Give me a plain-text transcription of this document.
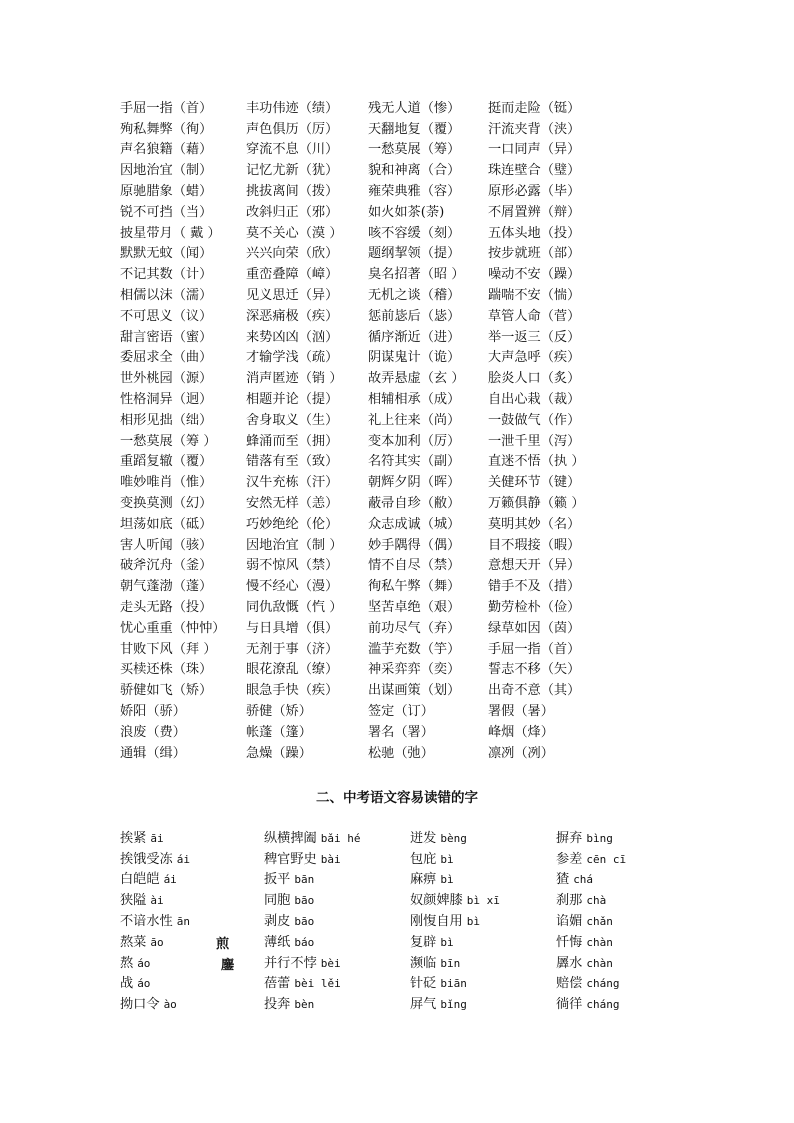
手屈一指（首）	丰功伟迹（绩）	残无人道（惨）	挺而走险（铤）
殉私舞弊（徇）	声色俱历（厉）	天翻地复（覆）	汗流夹背（浃）
声名狼籍（藉）	穿流不息（川）	一愁莫展（筹）	一口同声（异）
因地治宜（制）	记忆尤新（犹）	貌和神离（合）	珠连壁合（璧）
原驰腊象（蜡）	挑拔离间（拨）	雍荣典雅（容）	原形必露（毕）
锐不可挡（当）	改斜归正（邪）	如火如茶(荼)	不屑置辨（辩）
披星带月（ 戴 ）	莫不关心（漠 ）	咳不容缓（刻）	五体头地（投）
默默无蚊（闻）	兴兴向荣（欣）	题纲挈领（提）	按步就班（部）
不记其数（计）	重峦叠障（嶂）	臭名招著（昭 ）	噪动不安（躁）
相儒以沫（濡）	见义思迁（异）	无机之谈（稽）	踹喘不安（惴）
不可思义（议）	深恶痛极（疾）	惩前毖后（毖）	草管人命（菅）
甜言密语（蜜）	来势凶凶（汹）	循序渐近（进）	举一返三（反）
委屈求全（曲）	才输学浅（疏）	阴谋鬼计（诡）	大声急呼（疾）
世外桃园（源）	消声匿迹（销 ）	故弄悬虚（玄 ）	脍炎人口（炙）
性格洞异（迥）	相题并论（提）	相辅相承（成）	自出心栽（裁）
相形见拙（绌）	舍身取义（生）	礼上往来（尚）	一鼓做气（作）
一愁莫展（筹 ）	蜂涌而至（拥）	变本加利（厉）	一泄千里（泻）
重蹈复辙（覆）	错落有至（致）	名符其实（副）	直迷不悟（执 ）
唯妙唯肖（惟）	汉牛充栋（汗）	朝辉夕阴（晖）	关健环节（键）
变换莫测（幻）	安然无样（恙）	蔽帚自珍（敝）	万籁俱静（籁 ）
坦荡如底（砥）	巧妙绝纶（伦）	众志成诚（城）	莫明其妙（名）
害人听闻（骇）	因地治宜（制 ）	妙手隅得（偶）	目不瑕接（暇）
破斧沉舟（釜）	弱不惊风（禁）	情不自尽（禁）	意想天开（异）
朝气蓬渤（蓬）	慢不经心（漫）	徇私午弊（舞）	错手不及（措）
走头无路（投）	同仇敌慨（忾 ）	坚苦卓绝（艰）	勤劳检朴（俭）
忧心重重（忡忡）	与日具增（俱）	前功尽气（弃）	绿草如因（茵）
甘败下风（拜 ）	无剂于事（济）	滥芋充数（竽）	手屈一指（首）
买椟还株（珠）	眼花潦乱（缭）	神采弈弈（奕）	誓志不移（矢）
骄健如飞（矫）	眼急手快（疾）	出谋画策（划）	出奇不意（其）
娇阳（骄）	骄健（矫）	签定（订）	署假（暑）
浪废（费）	帐蓬（篷）	署名（署）	峰烟（烽）
通辑（缉）	急燥（躁）	松驰（弛）	凛冽（冽）
二、中考语文容易读错的字
挨紧 āi	纵横捭阖 bǎi hé	迸发 bèng	摒弃 bìng
挨饿受冻 ái	稗官野史 bài	包庇 bì	参差 cēn cī
白皑皑 ái	扳平 bān	麻痹 bì	猹 chá
狭隘 ài	同胞 bāo	奴颜婢膝 bì xī	刹那 chà
不谙水性 ān	剥皮 bāo	刚愎自用 bì	谄媚 chǎn
熬菜 āo	薄纸 báo	复辟 bì	忏悔 chàn
熬 áo	并行不悖 bèi	濒临 bīn	羼水 chàn
战 áo	蓓蕾 bèi lěi	针砭 biān	赔偿 cháng
拗口令 ào	投奔 bèn	屏气 bǐng	徜徉 cháng
煎
鏖
